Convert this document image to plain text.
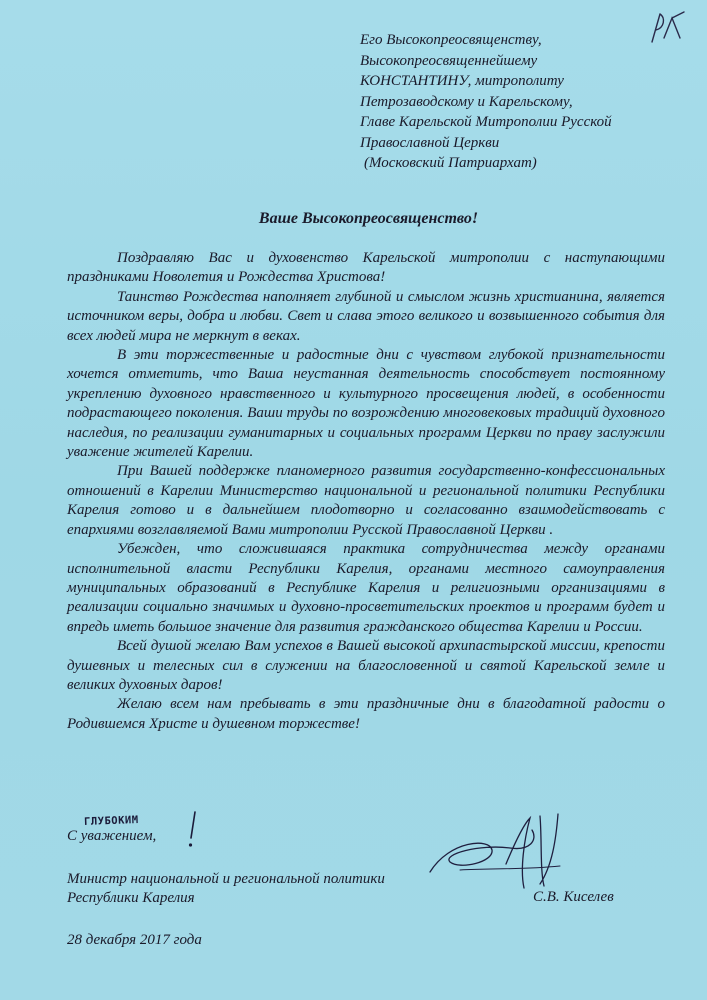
Его Высокопреосвященству,
Высокопреосвященнейшему
КОНСТАНТИНУ, митрополиту
Петрозаводскому и Карельскому,
Главе Карельской Митрополии Русской
Православной Церкви
(Московский Патриархат)
Ваше Высокопреосвященство!

Поздравляю Вас и духовенство Карельской митрополии с наступающими праздниками Новолетия и Рождества Христова!

Таинство Рождества наполняет глубиной и смыслом жизнь христианина, является источником веры, добра и любви. Свет и слава этого великого и возвышенного события для всех людей мира не меркнут в веках.

В эти торжественные и радостные дни с чувством глубокой признательности хочется отметить, что Ваша неустанная деятельность способствует постоянному укреплению духовного нравственного и культурного просвещения людей, в особенности подрастающего поколения. Ваши труды по возрождению многовековых традиций духовного наследия, по реализации гуманитарных и социальных программ Церкви по праву заслужили уважение жителей Карелии.

При Вашей поддержке планомерного развития государственно-конфессиональных отношений в Карелии Министерство национальной и региональной политики Республики Карелия готово и в дальнейшем плодотворно и согласованно взаимодействовать с епархиями возглавляемой Вами митрополии Русской Православной Церкви .

Убежден, что сложившаяся практика сотрудничества между органами исполнительной власти Республики Карелия, органами местного самоуправления муниципальных образований в Республике Карелия и религиозными организациями в реализации социально значимых и духовно-просветительских проектов и программ будет и впредь иметь большое значение для развития гражданского общества Карелии и России.

Всей душой желаю Вам успехов в Вашей высокой архипастырской миссии, крепости душевных и телесных сил в служении на благословенной и святой Карельской земле и великих духовных даров!

Желаю всем нам пребывать в эти праздничные дни в благодатной радости о Родившемся Христе и душевном торжестве!

ГЛУБОКИМ
С уважением,
Министр национальной и региональной политики
Республики Карелия	С.В. Киселев
28 декабря 2017 года
